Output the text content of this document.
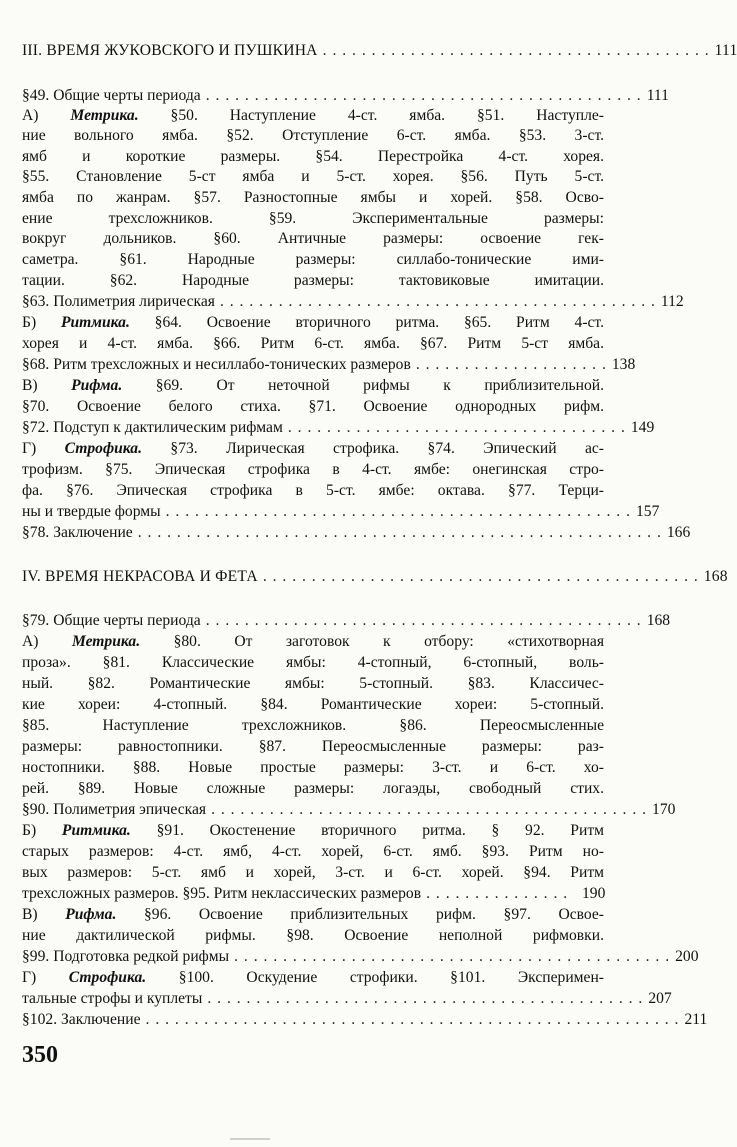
III. ВРЕМЯ ЖУКОВСКОГО И ПУШКИНА . . . . . . . . . . . . . . . . . . . . . . . . . . . . . . . . . . . . . . . . 111
§49. Общие черты периода . . . . . . . . . . . . . . . . . . . . . . . . . . . . . . . . . . . . . . . . . . . . . 111
А) Метрика. §50. Наступление 4-ст. ямба. §51. Наступле-
ние вольного ямба. §52. Отступление 6-ст. ямба. §53. 3-ст.
ямб и короткие размеры. §54. Перестройка 4-ст. хорея.
§55. Становление 5-ст ямба и 5-ст. хорея. §56. Путь 5-ст.
ямба по жанрам. §57. Разностопные ямбы и хорей. §58. Осво-
ение трехсложников. §59. Экспериментальные размеры:
вокруг дольников. §60. Античные размеры: освоение гек-
саметра. §61. Народные размеры: силлабо-тонические ими-
тации. §62. Народные размеры: тактовиковые имитации.
§63. Полиметрия лирическая . . . . . . . . . . . . . . . . . . . . . . . . . . . . . . . . . . . . . . . . . . . . . 112
Б) Ритмика. §64. Освоение вторичного ритма. §65. Ритм 4-ст.
хорея и 4-ст. ямба. §66. Ритм 6-ст. ямба. §67. Ритм 5-ст ямба.
§68. Ритм трехсложных и несиллабо-тонических размеров . . . . . . . . . . . . . . . . . . . . 138
В) Рифма. §69. От неточной рифмы к приблизительной.
§70. Освоение белого стиха. §71. Освоение однородных рифм.
§72. Подступ к дактилическим рифмам . . . . . . . . . . . . . . . . . . . . . . . . . . . . . . . . . . . 149
Г) Строфика. §73. Лирическая строфика. §74. Эпический ас-
трофизм. §75. Эпическая строфика в 4-ст. ямбе: онегинская стро-
фа. §76. Эпическая строфика в 5-ст. ямбе: октава. §77. Терци-
ны и твердые формы . . . . . . . . . . . . . . . . . . . . . . . . . . . . . . . . . . . . . . . . . . . . . . . . 157
§78. Заключение . . . . . . . . . . . . . . . . . . . . . . . . . . . . . . . . . . . . . . . . . . . . . . . . . . . . . . 166
IV. ВРЕМЯ НЕКРАСОВА И ФЕТА . . . . . . . . . . . . . . . . . . . . . . . . . . . . . . . . . . . . . . . . . . . . . 168
§79. Общие черты периода . . . . . . . . . . . . . . . . . . . . . . . . . . . . . . . . . . . . . . . . . . . . . 168
А) Метрика. §80. От заготовок к отбору: «стихотворная
проза». §81. Классические ямбы: 4-стопный, 6-стопный, воль-
ный. §82. Романтические ямбы: 5-стопный. §83. Классичес-
кие хореи: 4-стопный. §84. Романтические хореи: 5-стопный.
§85. Наступление трехсложников. §86. Переосмысленные
размеры: равностопники. §87. Переосмысленные размеры: раз-
ностопники. §88. Новые простые размеры: 3-ст. и 6-ст. хо-
рей. §89. Новые сложные размеры: логаэды, свободный стих.
§90. Полиметрия эпическая . . . . . . . . . . . . . . . . . . . . . . . . . . . . . . . . . . . . . . . . . . . . . 170
Б) Ритмика. §91. Окостенение вторичного ритма. § 92. Ритм
старых размеров: 4-ст. ямб, 4-ст. хорей, 6-ст. ямб. §93. Ритм но-
вых размеров: 5-ст. ямб и хорей, 3-ст. и 6-ст. хорей. §94. Ритм
трехсложных размеров. §95. Ритм неклассических размеров . . . . . . . . . . . . . . . 190
В) Рифма. §96. Освоение приблизительных рифм. §97. Освое-
ние дактилической рифмы. §98. Освоение неполной рифмовки.
§99. Подготовка редкой рифмы . . . . . . . . . . . . . . . . . . . . . . . . . . . . . . . . . . . . . . . . . . . . . 200
Г) Строфика. §100. Оскудение строфики. §101. Эксперимен-
тальные строфы и куплеты . . . . . . . . . . . . . . . . . . . . . . . . . . . . . . . . . . . . . . . . . . . . . 207
§102. Заключение . . . . . . . . . . . . . . . . . . . . . . . . . . . . . . . . . . . . . . . . . . . . . . . . . . . . . . . 211
350
